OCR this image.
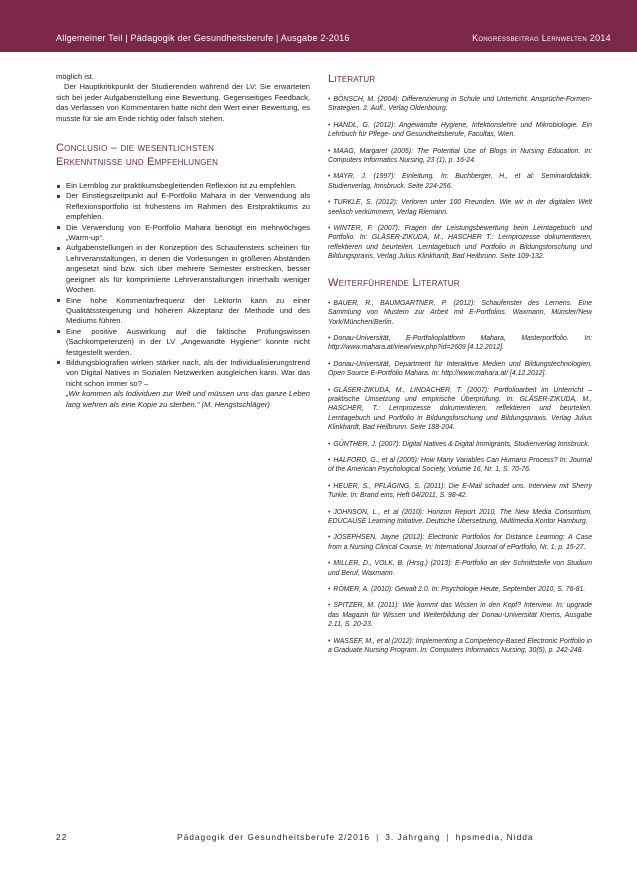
Allgemeiner Teil | Pädagogik der Gesundheitsberufe | Ausgabe 2-2016	Kongressbeitrag Lernwelten 2014

möglich ist.

Der Hauptkritikpunkt der Studierenden während der LV: Sie erwarteten sich bei jeder Aufgabenstellung eine Bewertung. Gegenseitiges Feedback, das Verfassen von Kommentaren hatte nicht den Wert einer Bewertung, es musste für sie am Ende richtig oder falsch stehen.

Conclusio – die wesentlichsten
Erkenntnisse und Empfehlungen
Ein Lernblog zur praktikumsbegleitenden Reflexion ist zu empfehlen.
Der Einstiegszeitpunkt auf E-Portfolio Mahara in der Verwendung als Reflexionsportfolio ist frühestens im Rahmen des Erstpraktikums zu empfehlen.
Die Verwendung von E-Portfolio Mahara benötigt ein mehrwöchiges „Warm-up“.
Aufgabenstellungen in der Konzeption des Schaufensters scheinen für Lehrveranstaltungen, in denen die Vorlesungen in größeren Abständen angesetzt sind bzw. sich über mehrere Semester erstrecken, besser geeignet als für komprimierte Lehrveranstaltungen innerhalb weniger Wochen.
Eine hohe Kommentarfrequenz der LektorIn kann zu einer Qualitätssteigerung und höheren Akzeptanz der Methode und des Mediums führen.
Eine positive Auswirkung auf die faktische Prüfungswissen (Sachkompetenzen) in der LV „Angewandte Hygiene“ konnte nicht festgestellt werden.
Bildungsbiografien wirken stärker nach, als der Individualisierungstrend von Digital Natives in Sozialen Netzwerken ausgleichen kann. War das nicht schon immer so? –

„Wir kommen als Individuen zur Welt und müssen uns das ganze Leben lang wehren als eine Kopie zu sterben.“ (M. Hengstschläger)

Literatur
• BÖNSCH, M. (2004): Differenzierung in Schule und Unterricht. Ansprüche-Formen-Strategien. 2. Aufl., Verlag Oldenbourg.
• HANDL, G. (2012): Angewandte Hygiene, Infektionslehre und Mikrobiologie. Ein Lehrbuch für Pflege- und Gesundheitsberufe, Facultas, Wien.
• MAAG, Margaret (2005): The Potential Use of Blogs in Nursing Education. In: Computers Informatics Nursing, 23 (1), p. 16-24.
• MAYR, J. (1997): Einleitung. In: Buchberger, H., et al: Seminardidaktik. Studienverlag, Innsbruck. Seite 224-256.
• TURKLE, S. (2012): Verloren unter 100 Freunden. Wie wir in der digitalen Welt seelisch verkümmern, Verlag Riemann.
• WINTER, F. (2007): Fragen der Leistungsbewertung beim Lerntagebuch und Portfolio. In: GLÄSER-ZIKUDA, M., HASCHER T.: Lernprozesse dokumentieren, reflektieren und beurteilen. Lerntagebuch und Portfolio in Bildungsforschung und Bildungspraxis. Verlag Julius Klinkhardt, Bad Heilbrunn. Seite 109-132.
Weiterführende Literatur
• BAUER, R., BAUMGARTNER, P. (2012): Schaufenster des Lernens. Eine Sammlung von Mustern zur Arbeit mit E-Portfolios. Waxmann, Münster/New York/München/Berlin.
• Donau-Universität, E-Portfolioplattform Mahara, Masterportfolio. In: http://www.mahara.at/view/view.php?id=2609 [4.12.2012].
• Donau-Universität, Department für Interaktive Medien und Bildungstechnologien, Open Source E-Portfolio Mahara. In: http://www.mahara.at/ [4.12.2012].
• GLÄSER-ZIKUDA, M., LINDACHER, T. (2007): Portfolioarbeit im Unterricht – praktische Umsetzung und empirische Überprüfung. In: GLÄSER-ZIKUDA, M., HASCHER, T.: Lernprozesse dokumentieren, reflektieren und beurteilen. Lerntagebuch und Portfolio in Bildungsforschung und Bildungspraxis. Verlag Julius Klinkhardt, Bad Heilbrunn. Seite 188-204.
• GÜNTHER, J. (2007): Digital Natives & Digital Immigrants, Studienverlag Innsbruck.
• HALFORD, G., et al (2005): How Many Variables Can Humans Process? In: Journal of the American Psychological Society, Volume 16, Nr. 1, S. 70-76.
• HEUER, S., PFLÄGING, S. (2011): Die E-Mail schadet uns. Interview mit Sherry Turkle. In: Brand eins, Heft 04/2011, S. 98-42.
• JOHNSON, L., et al (2010): Horizon Report 2010, The New Media Consortium, EDUCAUSE Learning Initiative, Deutsche Übersetzung, Multimedia Kontor Hamburg.
• JOSEPHSEN, Jayne (2012): Electronic Portfolios for Distance Learning: A Case from a Nursing Clinical Course. In: International Journal of ePortfolio, Nr. 1, p. 15-27.
• MILLER, D., VOLK, B. (Hrsg.) (2013): E-Portfolio an der Schnittstelle von Studium und Beruf, Waxmann.
• RÖMER, A. (2010): Gewalt 2.0. In: Psychologie Heute, September 2010, S. 76-81.
• SPITZER, M. (2011): Wie kommt das Wissen in den Kopf? Interview. In: upgrade das Magazin für Wissen und Weiterbildung der Donau-Universität Krems, Ausgabe 2.11, S. 20-23.
• WASSEF, M., et al (2012): Implementing a Competency-Based Electronic Portfolio in a Graduate Nursing Program. In: Computers Informatics Nursing, 30(5), p. 242-248.
22	Pädagogik der Gesundheitsberufe 2/2016 | 3. Jahrgang | hpsmedia, Nidda
